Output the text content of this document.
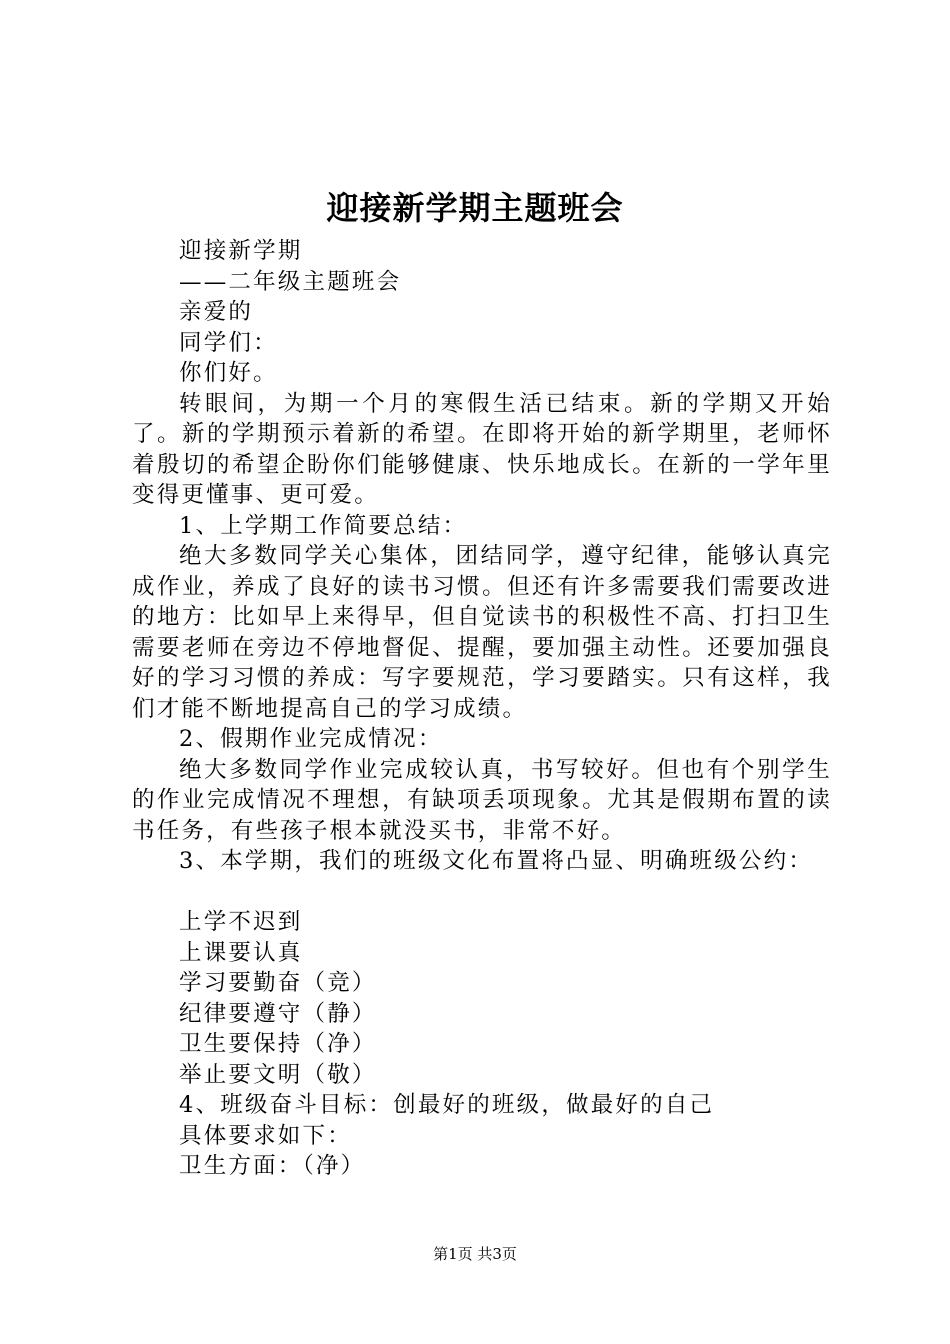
迎接新学期主题班会

迎接新学期

——二年级主题班会

亲爱的

同学们：

你们好。

转眼间，为期一个月的寒假生活已结束。新的学期又开始了。新的学期预示着新的希望。在即将开始的新学期里，老师怀着殷切的希望企盼你们能够健康、快乐地成长。在新的一学年里变得更懂事、更可爱。

1、上学期工作简要总结：

绝大多数同学关心集体，团结同学，遵守纪律，能够认真完成作业，养成了良好的读书习惯。但还有许多需要我们需要改进的地方：比如早上来得早，但自觉读书的积极性不高、打扫卫生需要老师在旁边不停地督促、提醒，要加强主动性。还要加强良好的学习习惯的养成：写字要规范，学习要踏实。只有这样，我们才能不断地提高自己的学习成绩。

2、假期作业完成情况：

绝大多数同学作业完成较认真，书写较好。但也有个别学生的作业完成情况不理想，有缺项丢项现象。尤其是假期布置的读书任务，有些孩子根本就没买书，非常不好。

3、本学期，我们的班级文化布置将凸显、明确班级公约：

上学不迟到

上课要认真

学习要勤奋（竞）

纪律要遵守（静）

卫生要保持（净）

举止要文明（敬）

4、班级奋斗目标：创最好的班级，做最好的自己

具体要求如下：

卫生方面：（净）

第1页 共3页
